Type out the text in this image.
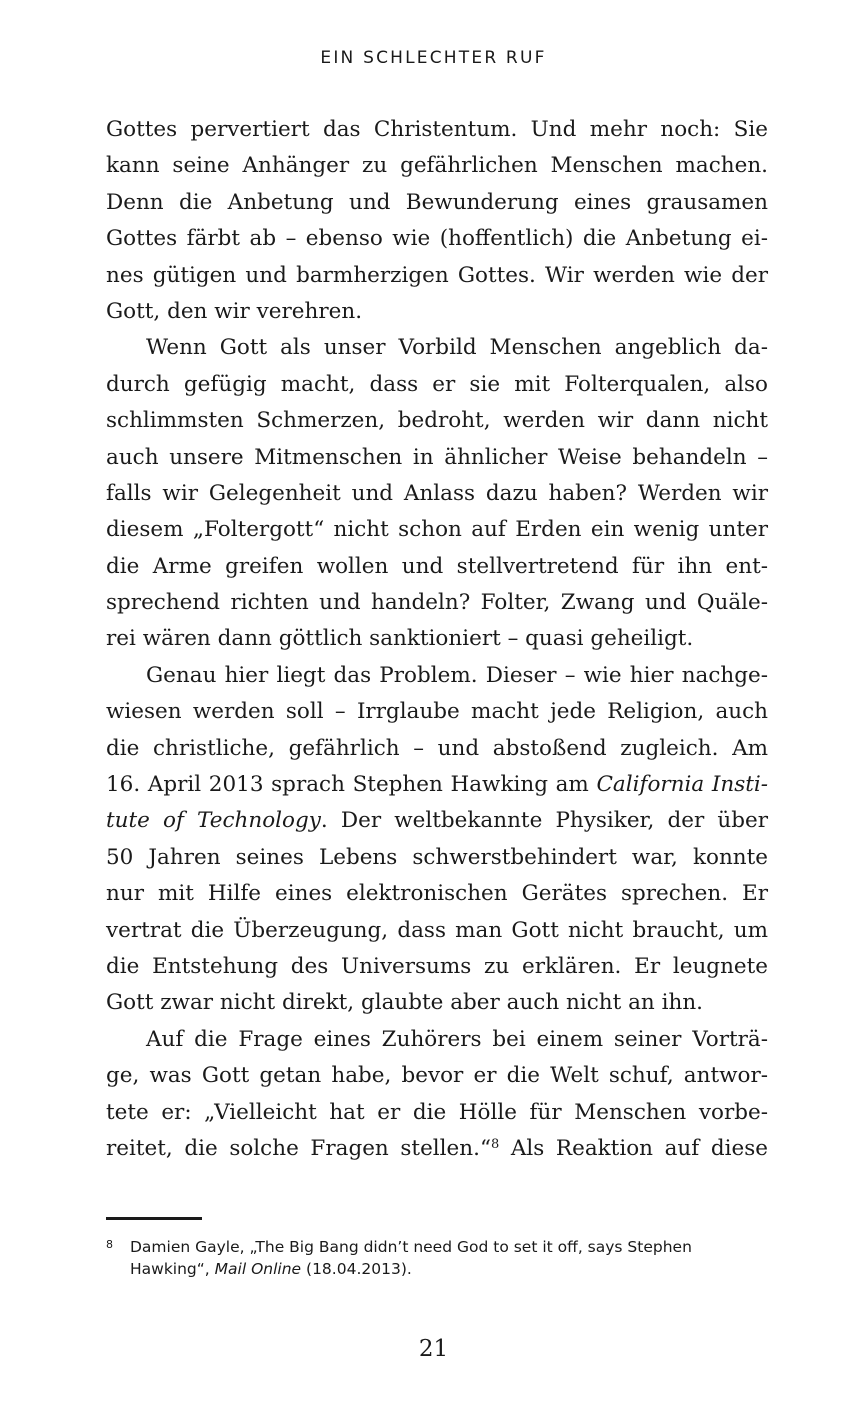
EIN SCHLECHTER RUF
Gottes pervertiert das Christentum. Und mehr noch: Sie
kann seine Anhänger zu gefährlichen Menschen machen.
Denn die Anbetung und Bewunderung eines grausamen
Gottes färbt ab – ebenso wie (hoffentlich) die Anbetung ei-
nes gütigen und barmherzigen Gottes. Wir werden wie der
Gott, den wir verehren.
Wenn Gott als unser Vorbild Menschen angeblich da-
durch gefügig macht, dass er sie mit Folterqualen, also
schlimmsten Schmerzen, bedroht, werden wir dann nicht
auch unsere Mitmenschen in ähnlicher Weise behandeln –
falls wir Gelegenheit und Anlass dazu haben? Werden wir
diesem „Foltergott“ nicht schon auf Erden ein wenig unter
die Arme greifen wollen und stellvertretend für ihn ent-
sprechend richten und handeln? Folter, Zwang und Quäle-
rei wären dann göttlich sanktioniert – quasi geheiligt.
Genau hier liegt das Problem. Dieser – wie hier nachge-
wiesen werden soll – Irrglaube macht jede Religion, auch
die christliche, gefährlich – und abstoßend zugleich. Am
16. April 2013 sprach Stephen Hawking am California Insti-
tute of Technology. Der weltbekannte Physiker, der über
50 Jahren seines Lebens schwerstbehindert war, konnte
nur mit Hilfe eines elektronischen Gerätes sprechen. Er
vertrat die Überzeugung, dass man Gott nicht braucht, um
die Entstehung des Universums zu erklären. Er leugnete
Gott zwar nicht direkt, glaubte aber auch nicht an ihn.
Auf die Frage eines Zuhörers bei einem seiner Vorträ-
ge, was Gott getan habe, bevor er die Welt schuf, antwor-
tete er: „Vielleicht hat er die Hölle für Menschen vorbe-
reitet, die solche Fragen stellen.“$^8$ Als Reaktion auf diese
8 Damien Gayle, „The Big Bang didn’t need God to set it off, says Stephen
Hawking“, Mail Online (18.04.2013).
21
